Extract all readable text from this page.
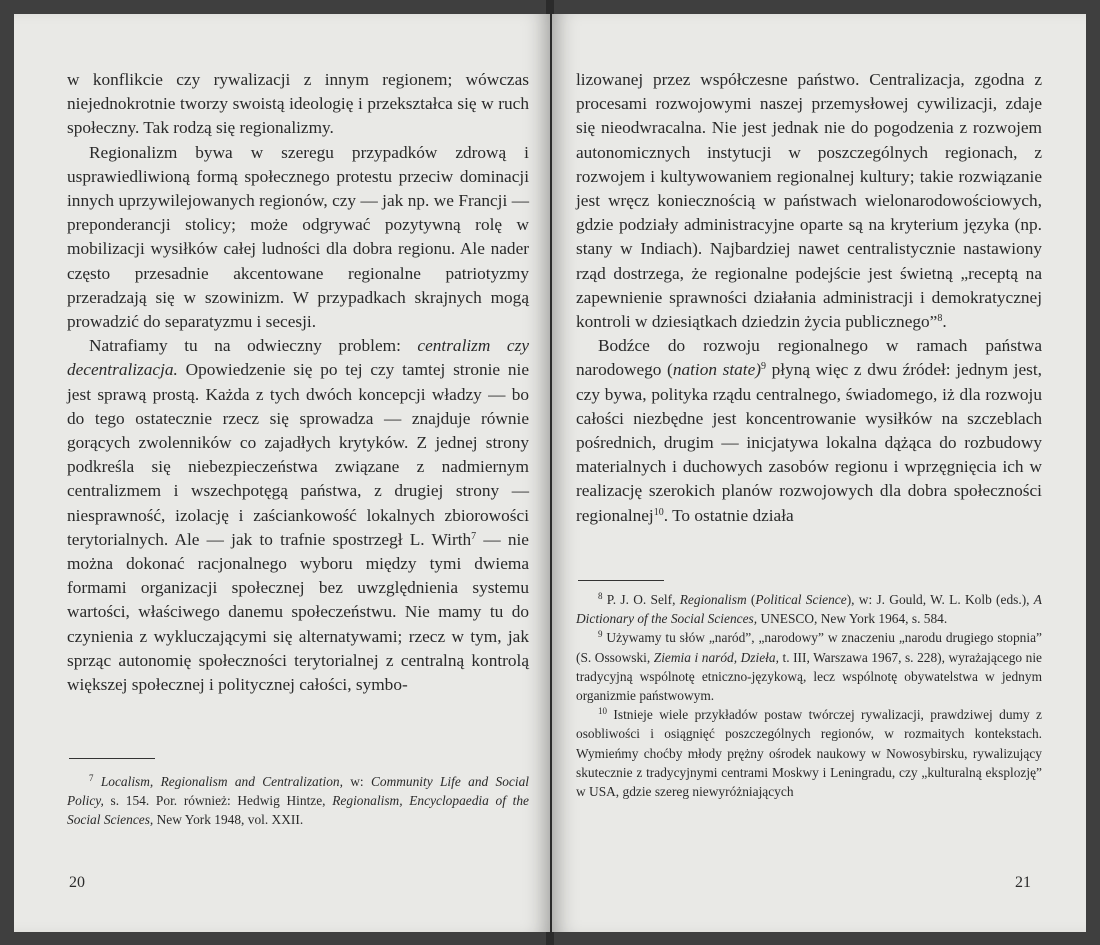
w konflikcie czy rywalizacji z innym regionem; wówczas niejednokrotnie tworzy swoistą ideologię i przekształca się w ruch społeczny. Tak rodzą się regionalizmy.

Regionalizm bywa w szeregu przypadków zdrową i usprawiedliwioną formą społecznego protestu przeciw dominacji innych uprzywilejowanych regionów, czy — jak np. we Francji — preponderancji stolicy; może odgrywać pozytywną rolę w mobilizacji wysiłków całej ludności dla dobra regionu. Ale nader często przesadnie akcentowane regionalne patriotyzmy przeradzają się w szowinizm. W przypadkach skrajnych mogą prowadzić do separatyzmu i secesji.

Natrafiamy tu na odwieczny problem: centralizm czy decentralizacja. Opowiedzenie się po tej czy tamtej stronie nie jest sprawą prostą. Każda z tych dwóch koncepcji władzy — bo do tego ostatecznie rzecz się sprowadza — znajduje równie gorących zwolenników co zajadłych krytyków. Z jednej strony podkreśla się niebezpieczeństwa związane z nadmiernym centralizmem i wszechpotęgą państwa, z drugiej strony — niesprawność, izolację i zaściankowość lokalnych zbiorowości terytorialnych. Ale — jak to trafnie spostrzegł L. Wirth$^7$ — nie można dokonać racjonalnego wyboru między tymi dwiema formami organizacji społecznej bez uwzględnienia systemu wartości, właściwego danemu społeczeństwu. Nie mamy tu do czynienia z wykluczającymi się alternatywami; rzecz w tym, jak sprząc autonomię społeczności terytorialnej z centralną kontrolą większej społecznej i politycznej całości, symbo-

$^7$ Localism, Regionalism and Centralization, w: Community Life and Social Policy, s. 154. Por. również: Hedwig Hintze, Regionalism, Encyclopaedia of the Social Sciences, New York 1948, vol. XXII.

20

lizowanej przez współczesne państwo. Centralizacja, zgodna z procesami rozwojowymi naszej przemysłowej cywilizacji, zdaje się nieodwracalna. Nie jest jednak nie do pogodzenia z rozwojem autonomicznych instytucji w poszczególnych regionach, z rozwojem i kultywowaniem regionalnej kultury; takie rozwiązanie jest wręcz koniecznością w państwach wielonarodowościowych, gdzie podziały administracyjne oparte są na kryterium języka (np. stany w Indiach). Najbardziej nawet centralistycznie nastawiony rząd dostrzega, że regionalne podejście jest świetną „receptą na zapewnienie sprawności działania administracji i demokratycznej kontroli w dziesiątkach dziedzin życia publicznego”$^8$.

Bodźce do rozwoju regionalnego w ramach państwa narodowego (nation state)$^9$ płyną więc z dwu źródeł: jednym jest, czy bywa, polityka rządu centralnego, świadomego, iż dla rozwoju całości niezbędne jest koncentrowanie wysiłków na szczeblach pośrednich, drugim — inicjatywa lokalna dążąca do rozbudowy materialnych i duchowych zasobów regionu i wprzęgnięcia ich w realizację szerokich planów rozwojowych dla dobra społeczności regionalnej$^{10}$. To ostatnie działa

$^8$ P. J. O. Self, Regionalism (Political Science), w: J. Gould, W. L. Kolb (eds.), A Dictionary of the Social Sciences, UNESCO, New York 1964, s. 584.

$^9$ Używamy tu słów „naród”, „narodowy” w znaczeniu „narodu drugiego stopnia” (S. Ossowski, Ziemia i naród, Dzieła, t. III, Warszawa 1967, s. 228), wyrażającego nie tradycyjną wspólnotę etniczno-językową, lecz wspólnotę obywatelstwa w jednym organizmie państwowym.

$^{10}$ Istnieje wiele przykładów postaw twórczej rywalizacji, prawdziwej dumy z osobliwości i osiągnięć poszczególnych regionów, w rozmaitych kontekstach. Wymieńmy choćby młody prężny ośrodek naukowy w Nowosybirsku, rywalizujący skutecznie z tradycyjnymi centrami Moskwy i Leningradu, czy „kulturalną eksplozję” w USA, gdzie szereg niewyróżniających

21
